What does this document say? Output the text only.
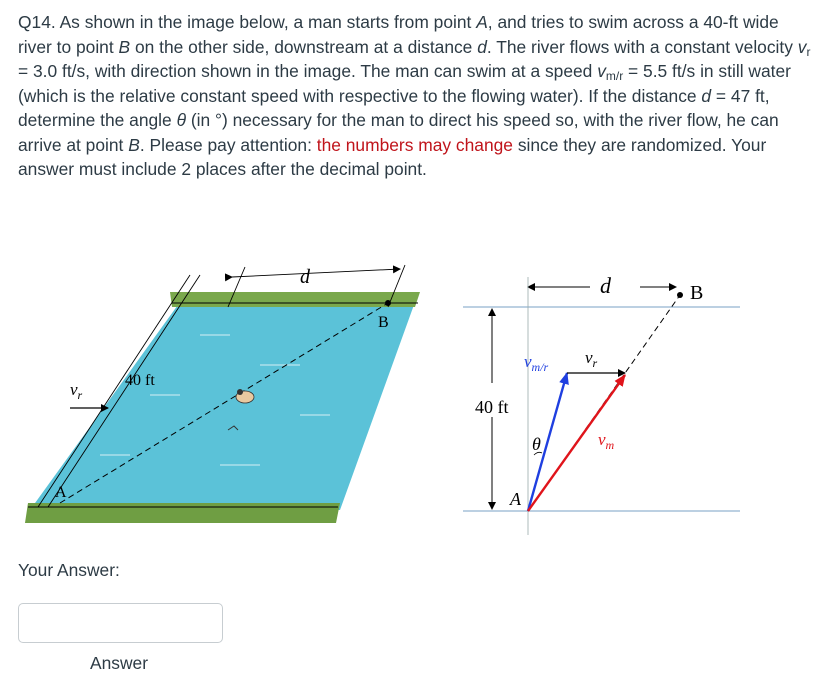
Q14. As shown in the image below, a man starts from point A, and tries to swim across a 40-ft wide river to point B on the other side, downstream at a distance d. The river flows with a constant velocity $v_r = 3.0$ ft/s, with direction shown in the image. The man can swim at a speed $v_{m/r} = 5.5$ ft/s in still water (which is the relative constant speed with respective to the flowing water). If the distance d = 47 ft, determine the angle θ (in °) necessary for the man to direct his speed so, with the river flow, he can arrive at point B. Please pay attention: the numbers may change since they are randomized. Your answer must include 2 places after the decimal point.
d
B
A
40 ft
$v_r$
d	B
A
40 ft
θ
$v_{m/r}$ $v_r$
$v_m$
Your Answer:
Answer
